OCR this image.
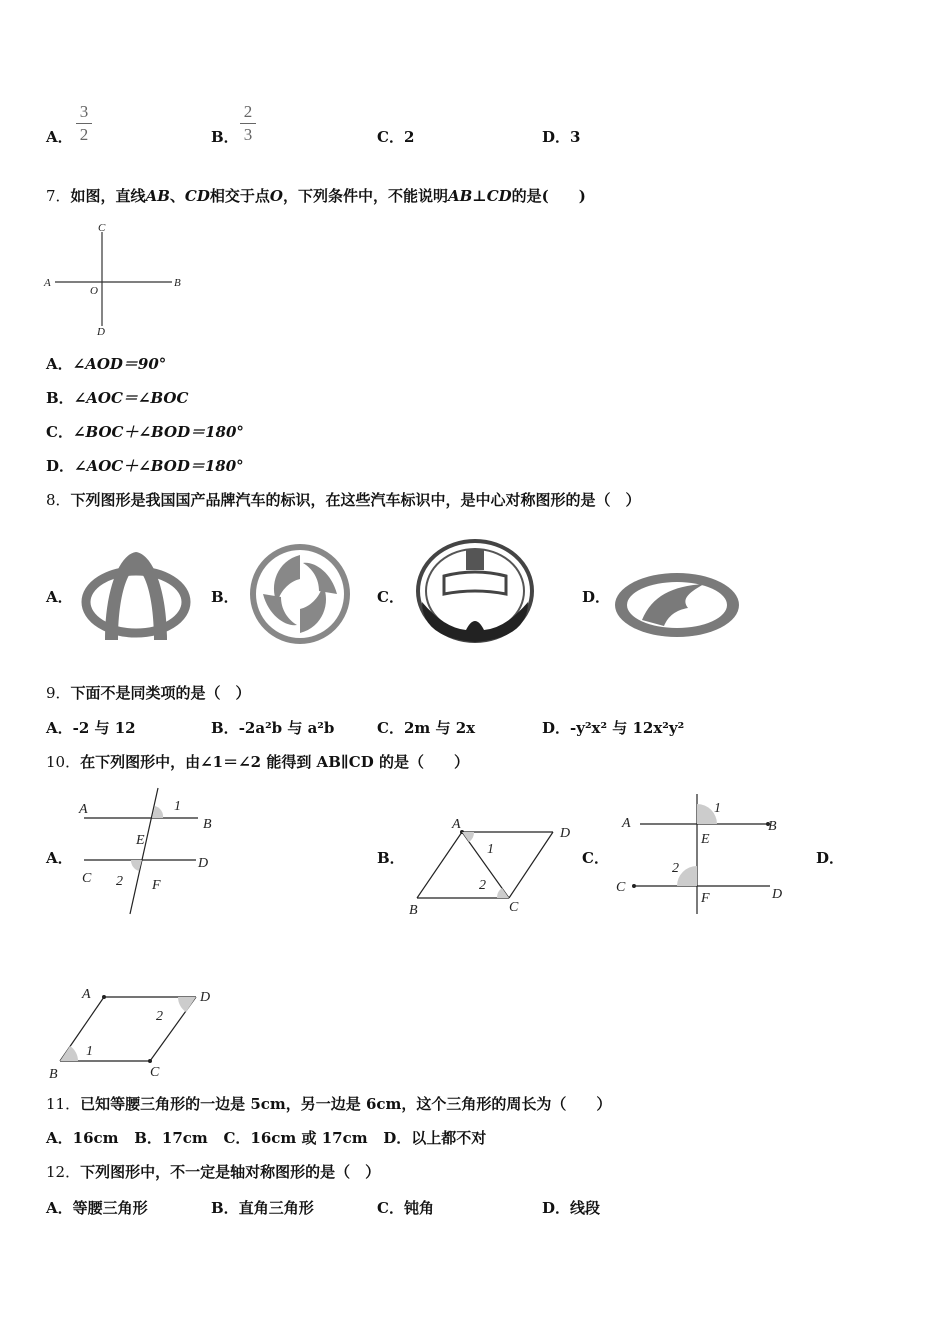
A．
3
2	B．
2
3	C．2	D．3
7．如图，直线AB、CD相交于点O，下列条件中，不能说明AB⊥CD的是(　　)
C
A
O
B
D
A．∠AOD＝90°
B．∠AOC＝∠BOC
C．∠BOC＋∠BOD＝180°
D．∠AOC＋∠BOD＝180°
8．下列图形是我国国产品牌汽车的标识，在这些汽车标识中，是中心对称图形的是（　）
A．	B．	C．	D．
9．下面不是同类项的是（　）
A．-2 与 12	B．-2a²b 与 a²b	C．2m 与 2x	D．-y²x² 与 12x²y²
10．在下列图形中，由∠1＝∠2 能得到 AB∥CD 的是（　　）
A．
A	1
B
E
C 2 F
D	B．
A
D
1
2
B	C
C．
A
1
B
E
2
C
F	D
D．
A	D
2
1
B	C
11．已知等腰三角形的一边是 5cm，另一边是 6cm，这个三角形的周长为（　　）
A．16cm B．17cm C．16cm 或 17cm D．以上都不对
12．下列图形中，不一定是轴对称图形的是（　）
A．等腰三角形	B．直角三角形	C．钝角	D．线段
